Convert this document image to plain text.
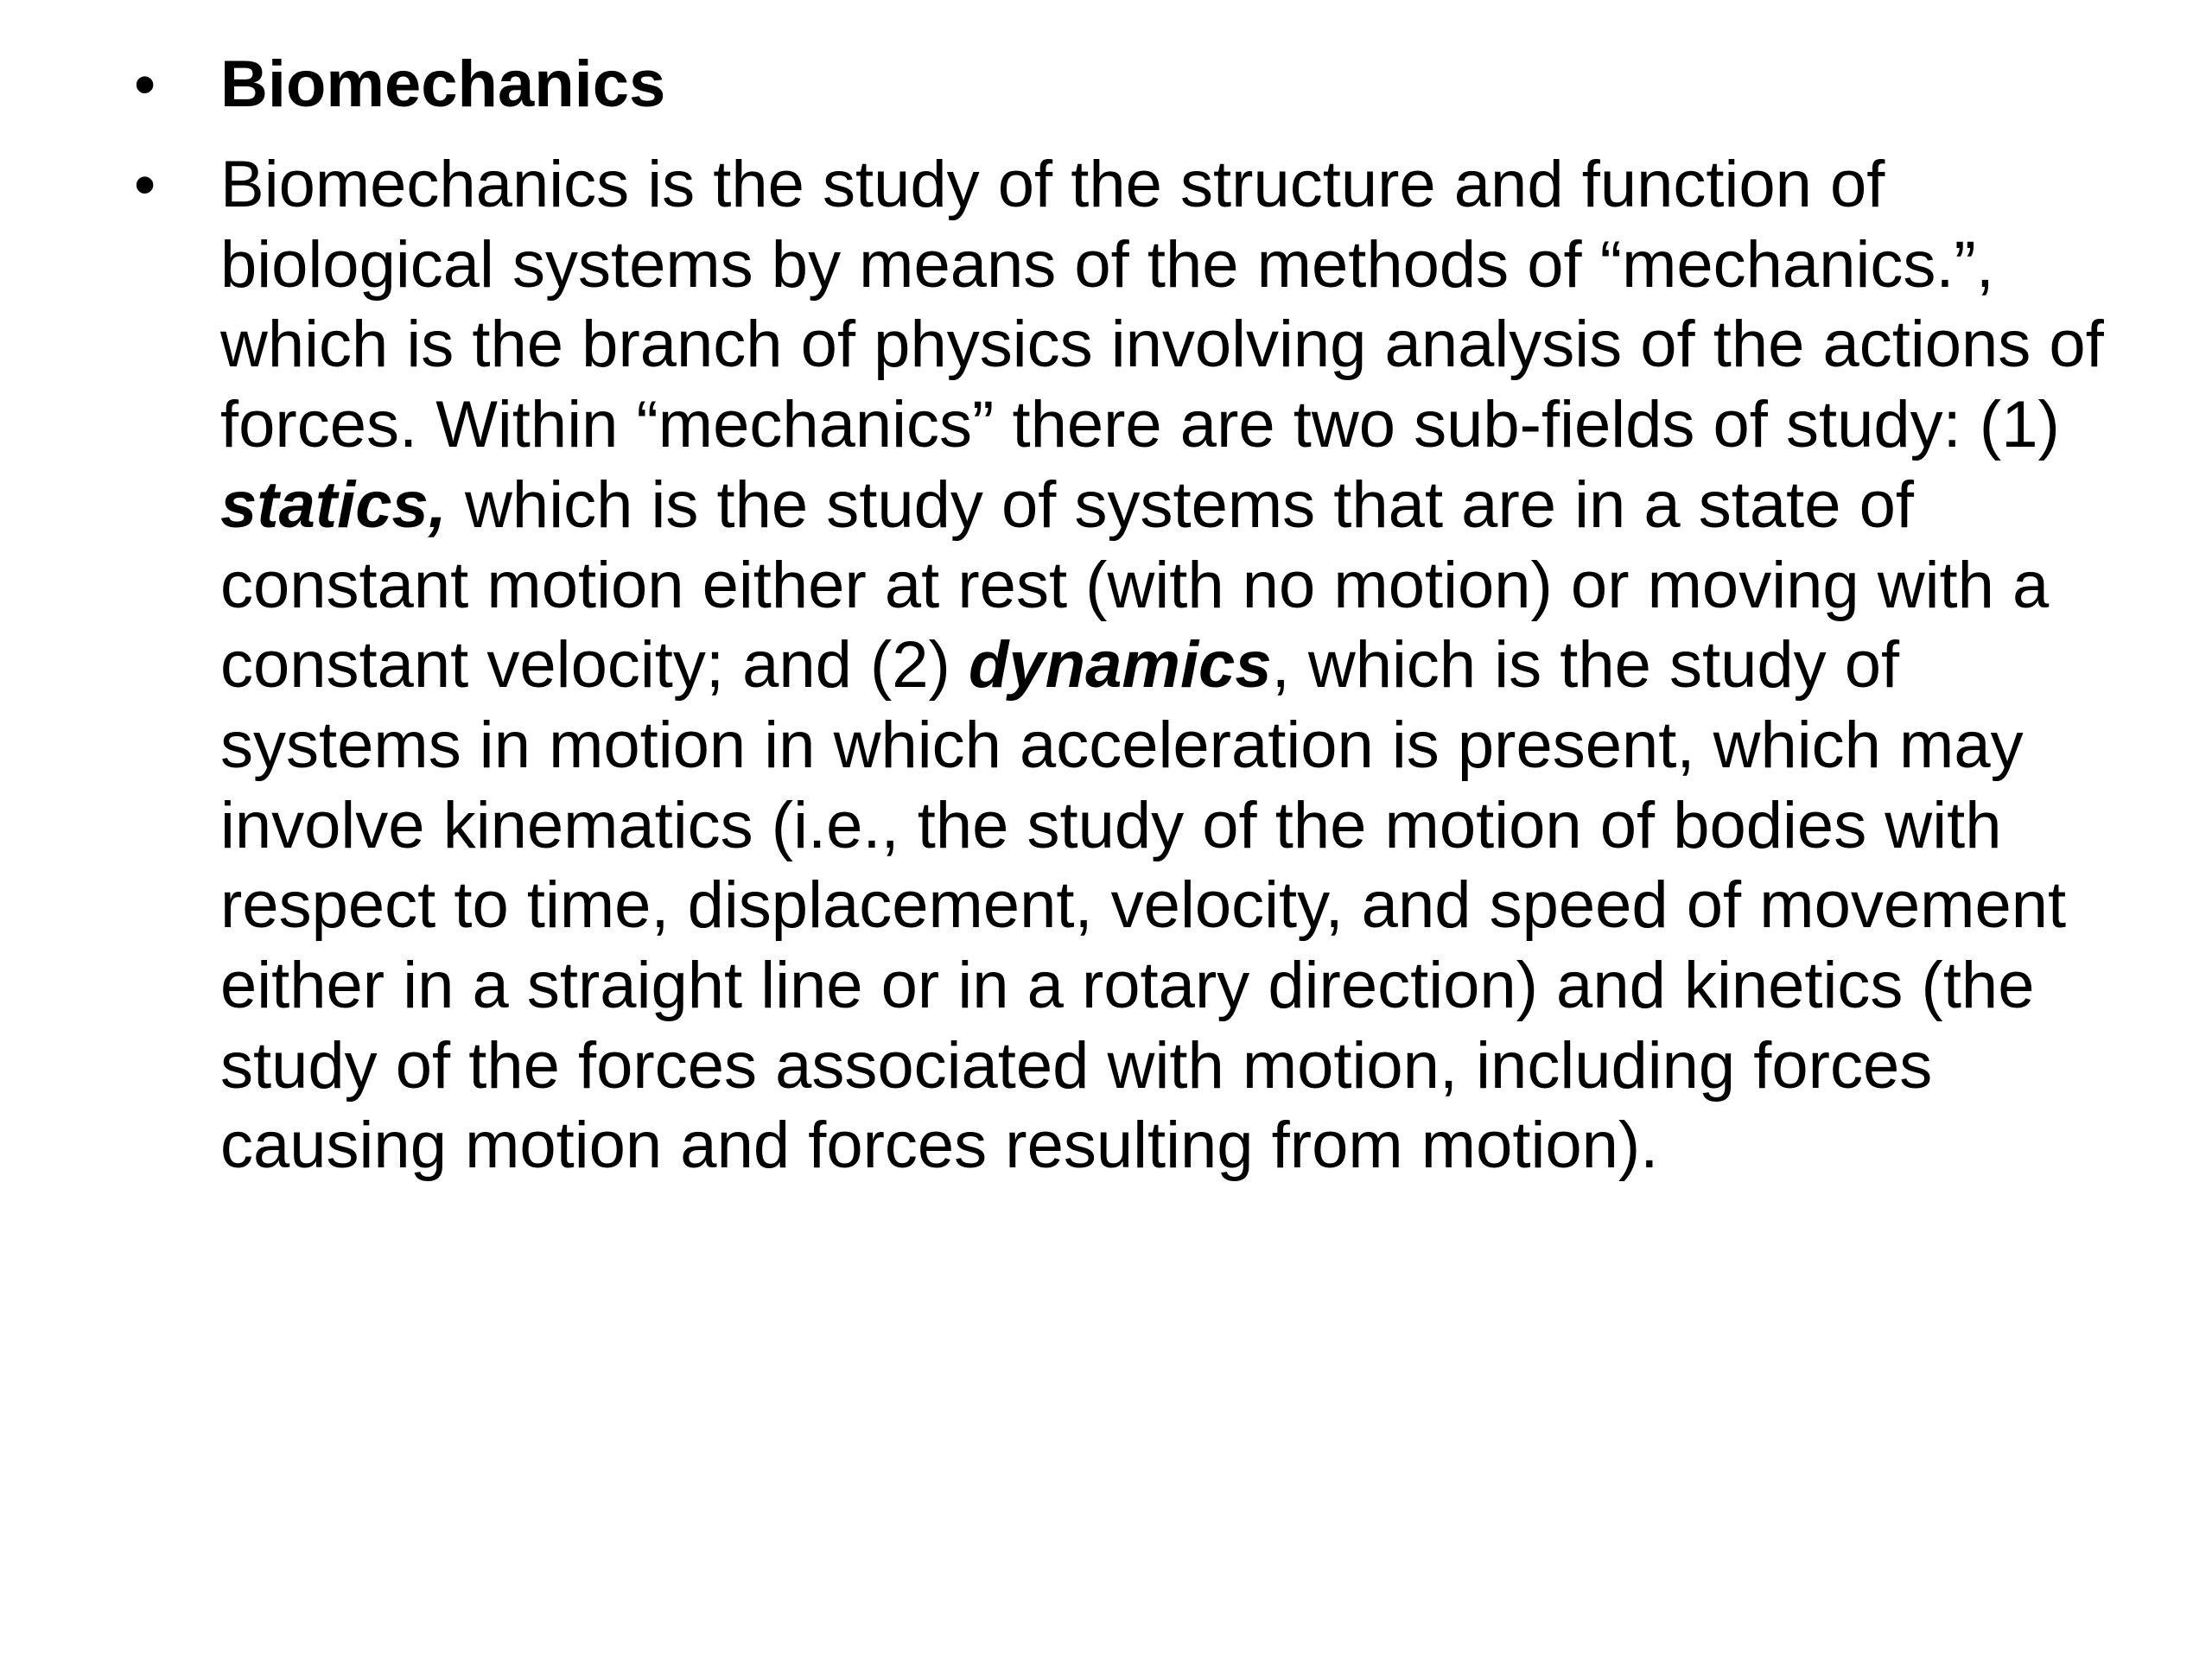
• Biomechanics
• Biomechanics is the study of the structure and function of biological systems by means of the methods of “mechanics.”, which is the branch of physics involving analysis of the actions of forces. Within “mechanics” there are two sub-fields of study: (1) statics, which is the study of systems that are in a state of constant motion either at rest (with no motion) or moving with a constant velocity; and (2) dynamics, which is the study of systems in motion in which acceleration is present, which may involve kinematics (i.e., the study of the motion of bodies with respect to time, displacement, velocity, and speed of movement either in a straight line or in a rotary direction) and kinetics (the study of the forces associated with motion, including forces causing motion and forces resulting from motion).
